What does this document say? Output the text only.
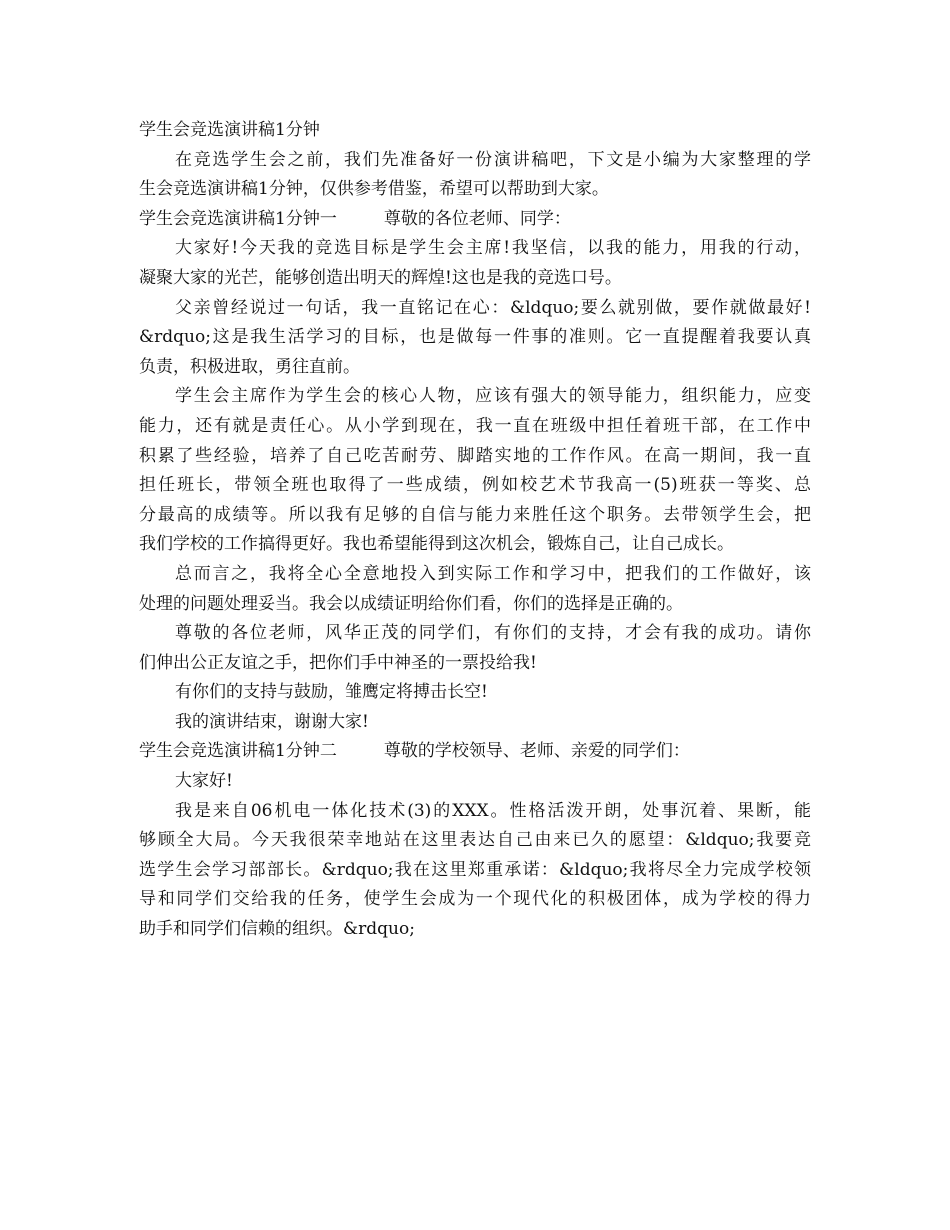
学生会竞选演讲稿1分钟
在竞选学生会之前，我们先准备好一份演讲稿吧，下文是小编为大家整理的学
生会竞选演讲稿1分钟，仅供参考借鉴，希望可以帮助到大家。
学生会竞选演讲稿1分钟一	尊敬的各位老师、同学：
大家好!今天我的竞选目标是学生会主席!我坚信，以我的能力，用我的行动，
凝聚大家的光芒，能够创造出明天的辉煌!这也是我的竞选口号。
父亲曾经说过一句话，我一直铭记在心：&ldquo;要么就别做，要作就做最好!
&rdquo;这是我生活学习的目标，也是做每一件事的准则。它一直提醒着我要认真
负责，积极进取，勇往直前。
学生会主席作为学生会的核心人物，应该有强大的领导能力，组织能力，应变
能力，还有就是责任心。从小学到现在，我一直在班级中担任着班干部，在工作中
积累了些经验，培养了自己吃苦耐劳、脚踏实地的工作作风。在高一期间，我一直
担任班长，带领全班也取得了一些成绩，例如校艺术节我高一(5)班获一等奖、总
分最高的成绩等。所以我有足够的自信与能力来胜任这个职务。去带领学生会，把
我们学校的工作搞得更好。我也希望能得到这次机会，锻炼自己，让自己成长。
总而言之，我将全心全意地投入到实际工作和学习中，把我们的工作做好，该
处理的问题处理妥当。我会以成绩证明给你们看，你们的选择是正确的。
尊敬的各位老师，风华正茂的同学们，有你们的支持，才会有我的成功。请你
们伸出公正友谊之手，把你们手中神圣的一票投给我!
有你们的支持与鼓励，雏鹰定将搏击长空!
我的演讲结束，谢谢大家!
学生会竞选演讲稿1分钟二	尊敬的学校领导、老师、亲爱的同学们：
大家好!
我是来自06机电一体化技术(3)的XXX。性格活泼开朗，处事沉着、果断，能
够顾全大局。今天我很荣幸地站在这里表达自己由来已久的愿望：&ldquo;我要竞
选学生会学习部部长。&rdquo;我在这里郑重承诺：&ldquo;我将尽全力完成学校领
导和同学们交给我的任务，使学生会成为一个现代化的积极团体，成为学校的得力
助手和同学们信赖的组织。&rdquo;
